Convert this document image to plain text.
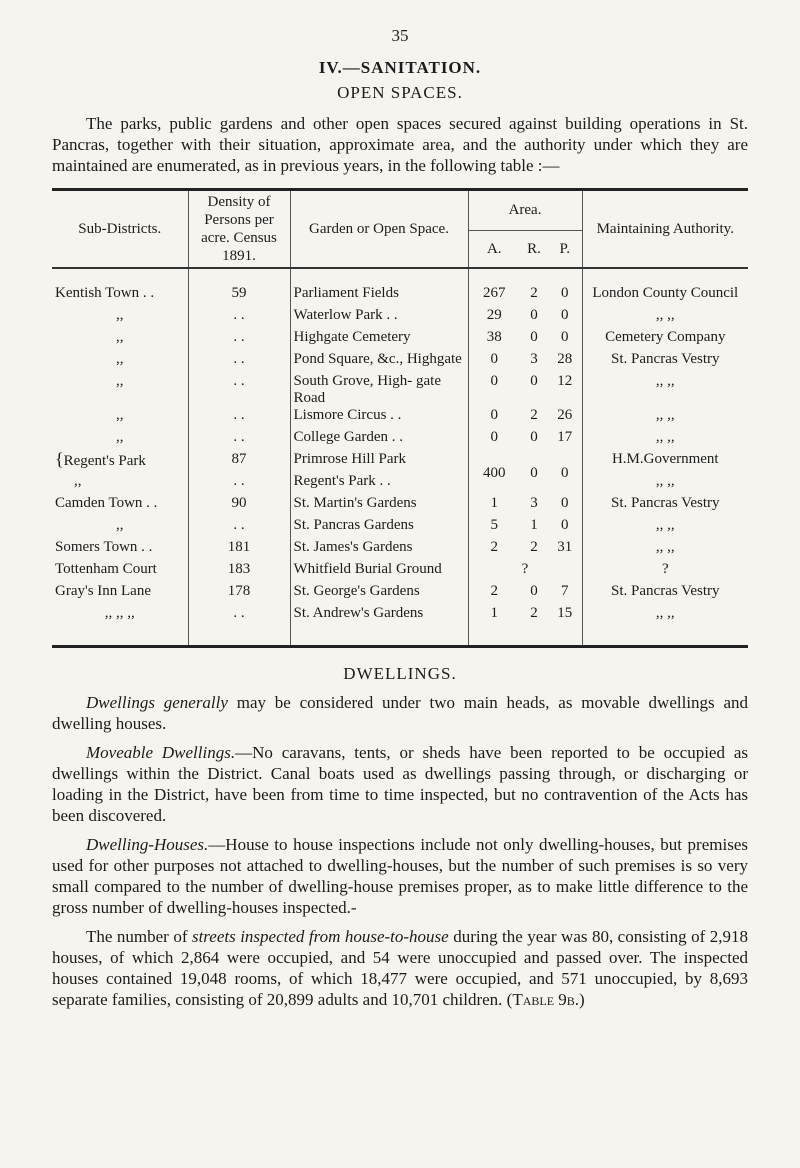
35
IV.—SANITATION.
OPEN SPACES.

The parks, public gardens and other open spaces secured against building operations in St. Pancras, together with their situation, approximate area, and the authority under which they are maintained are enumerated, as in previous years, in the following table :—

Sub-Districts.	Density of Persons per acre. Census 1891.	Garden or Open Space.	Area.			Maintaining Authority.
			A.	R.	P.	
Kentish Town . .	59	Parliament Fields	267	2	0	London County Council
,,	. .	Waterlow Park . .	29	0	0	,, ,,
,,	. .	Highgate Cemetery	38	0	0	Cemetery Company
,,	. .	Pond Square, &c., Highgate	0	3	28	St. Pancras Vestry
,,	. .	South Grove, High- gate Road	0	0	12	,, ,,
,,	. .	Lismore Circus . .	0	2	26	,, ,,
,,	. .	College Garden . .	0	0	17	,, ,,
{Regent's Park	87	Primrose Hill Park	400	0	0	H.M.Government
,,	. .	Regent's Park . .				,, ,,
Camden Town . .	90	St. Martin's Gardens	1	3	0	St. Pancras Vestry
,,	. .	St. Pancras Gardens	5	1	0	,, ,,
Somers Town . .	181	St. James's Gardens	2	2	31	,, ,,
Tottenham Court	183	Whitfield Burial Ground	?			?
Gray's Inn Lane	178	St. George's Gardens	2	0	7	St. Pancras Vestry
,, ,, ,,	. .	St. Andrew's Gardens	1	2	15	,, ,,
DWELLINGS.

Dwellings generally may be considered under two main heads, as movable dwellings and dwelling houses.

Moveable Dwellings.—No caravans, tents, or sheds have been reported to be occupied as dwellings within the District. Canal boats used as dwellings passing through, or discharging or loading in the District, have been from time to time inspected, but no contravention of the Acts has been discovered.

Dwelling-Houses.—House to house inspections include not only dwelling-houses, but premises used for other purposes not attached to dwelling-houses, but the number of such premises is so very small compared to the number of dwelling-house premises proper, as to make little difference to the gross number of dwelling-houses inspected.-

The number of streets inspected from house-to-house during the year was 80, consisting of 2,918 houses, of which 2,864 were occupied, and 54 were unoccupied and passed over. The inspected houses contained 19,048 rooms, of which 18,477 were occupied, and 571 unoccupied, by 8,693 separate families, consisting of 20,899 adults and 10,701 children. (Table 9b.)
